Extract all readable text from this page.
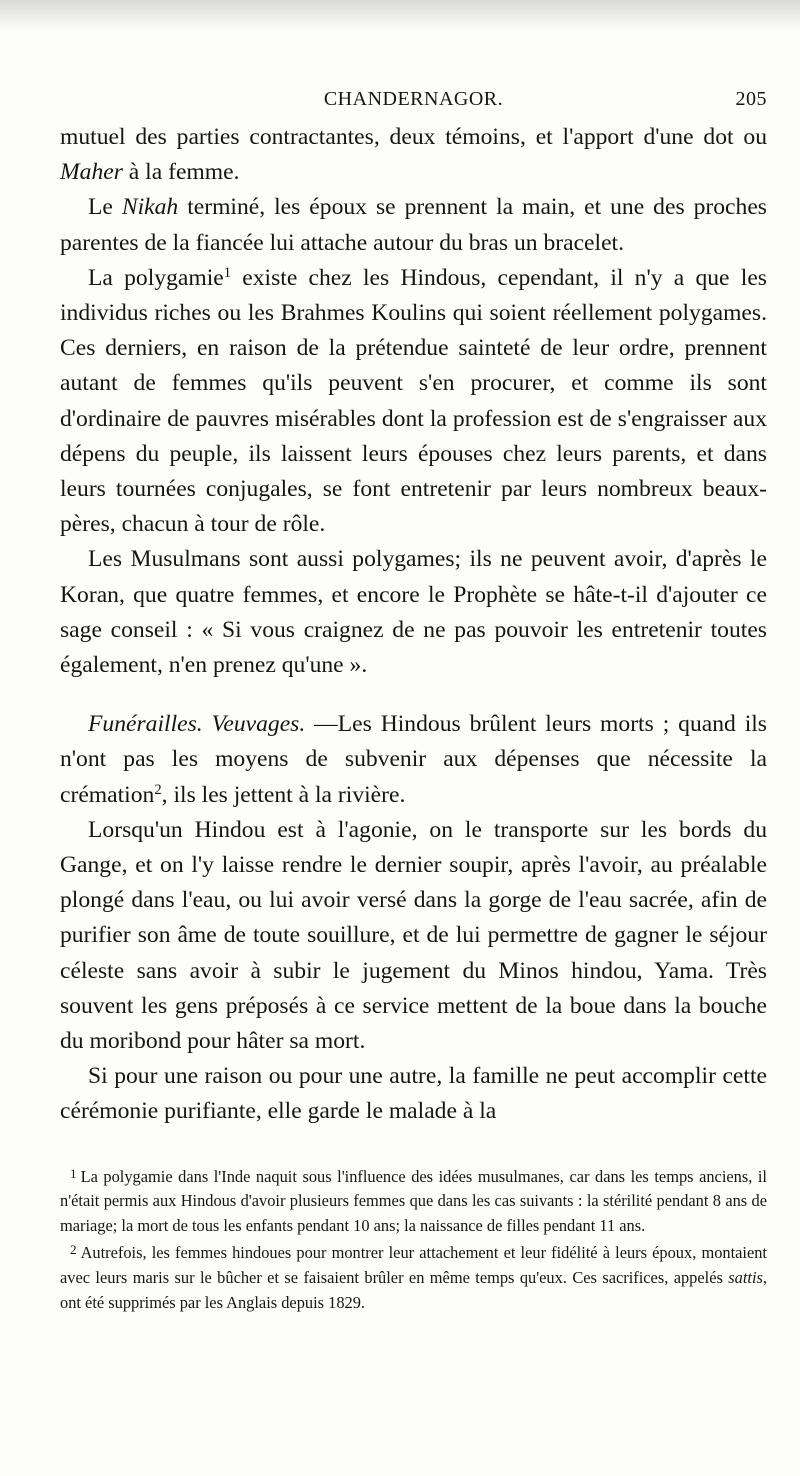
CHANDERNAGOR.	205

mutuel des parties contractantes, deux témoins, et l'apport d'une dot ou Maher à la femme.

Le Nikah terminé, les époux se prennent la main, et une des proches parentes de la fiancée lui attache autour du bras un bracelet.

La polygamie$^1$ existe chez les Hindous, cependant, il n'y a que les individus riches ou les Brahmes Koulins qui soient réellement polygames. Ces derniers, en raison de la prétendue sainteté de leur ordre, prennent autant de femmes qu'ils peuvent s'en procurer, et comme ils sont d'ordinaire de pauvres misérables dont la profession est de s'engraisser aux dépens du peuple, ils laissent leurs épouses chez leurs parents, et dans leurs tournées conjugales, se font entretenir par leurs nombreux beaux-pères, chacun à tour de rôle.

Les Musulmans sont aussi polygames; ils ne peuvent avoir, d'après le Koran, que quatre femmes, et encore le Prophète se hâte-t-il d'ajouter ce sage conseil : « Si vous craignez de ne pas pouvoir les entretenir toutes également, n'en prenez qu'une ».

Funérailles. Veuvages. —Les Hindous brûlent leurs morts ; quand ils n'ont pas les moyens de subvenir aux dépenses que nécessite la crémation$^2$, ils les jettent à la rivière.

Lorsqu'un Hindou est à l'agonie, on le transporte sur les bords du Gange, et on l'y laisse rendre le dernier soupir, après l'avoir, au préalable plongé dans l'eau, ou lui avoir versé dans la gorge de l'eau sacrée, afin de purifier son âme de toute souillure, et de lui permettre de gagner le séjour céleste sans avoir à subir le jugement du Minos hindou, Yama. Très souvent les gens préposés à ce service mettent de la boue dans la bouche du moribond pour hâter sa mort.

Si pour une raison ou pour une autre, la famille ne peut accomplir cette cérémonie purifiante, elle garde le malade à la

$^1$ La polygamie dans l'Inde naquit sous l'influence des idées musulmanes, car dans les temps anciens, il n'était permis aux Hindous d'avoir plusieurs femmes que dans les cas suivants : la stérilité pendant 8 ans de mariage; la mort de tous les enfants pendant 10 ans; la naissance de filles pendant 11 ans.

$^2$ Autrefois, les femmes hindoues pour montrer leur attachement et leur fidélité à leurs époux, montaient avec leurs maris sur le bûcher et se faisaient brûler en même temps qu'eux. Ces sacrifices, appelés sattis, ont été supprimés par les Anglais depuis 1829.
